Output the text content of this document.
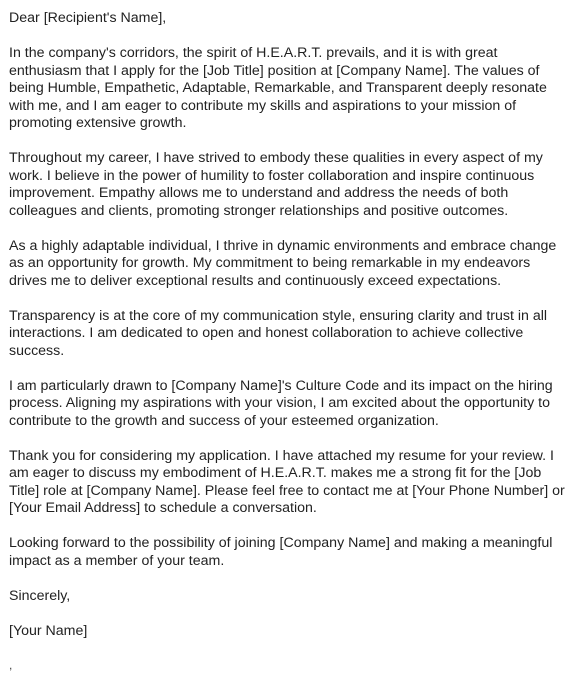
Dear [Recipient's Name],

In the company's corridors, the spirit of H.E.A.R.T. prevails, and it is with great enthusiasm that I apply for the [Job Title] position at [Company Name]. The values of being Humble, Empathetic, Adaptable, Remarkable, and Transparent deeply resonate with me, and I am eager to contribute my skills and aspirations to your mission of promoting extensive growth.

Throughout my career, I have strived to embody these qualities in every aspect of my work. I believe in the power of humility to foster collaboration and inspire continuous improvement. Empathy allows me to understand and address the needs of both colleagues and clients, promoting stronger relationships and positive outcomes.

As a highly adaptable individual, I thrive in dynamic environments and embrace change as an opportunity for growth. My commitment to being remarkable in my endeavors drives me to deliver exceptional results and continuously exceed expectations.

Transparency is at the core of my communication style, ensuring clarity and trust in all interactions. I am dedicated to open and honest collaboration to achieve collective success.

I am particularly drawn to [Company Name]'s Culture Code and its impact on the hiring process. Aligning my aspirations with your vision, I am excited about the opportunity to contribute to the growth and success of your esteemed organization.

Thank you for considering my application. I have attached my resume for your review. I am eager to discuss my embodiment of H.E.A.R.T. makes me a strong fit for the [Job Title] role at [Company Name]. Please feel free to contact me at [Your Phone Number] or [Your Email Address] to schedule a conversation.

Looking forward to the possibility of joining [Company Name] and making a meaningful impact as a member of your team.

Sincerely,

[Your Name]

,
